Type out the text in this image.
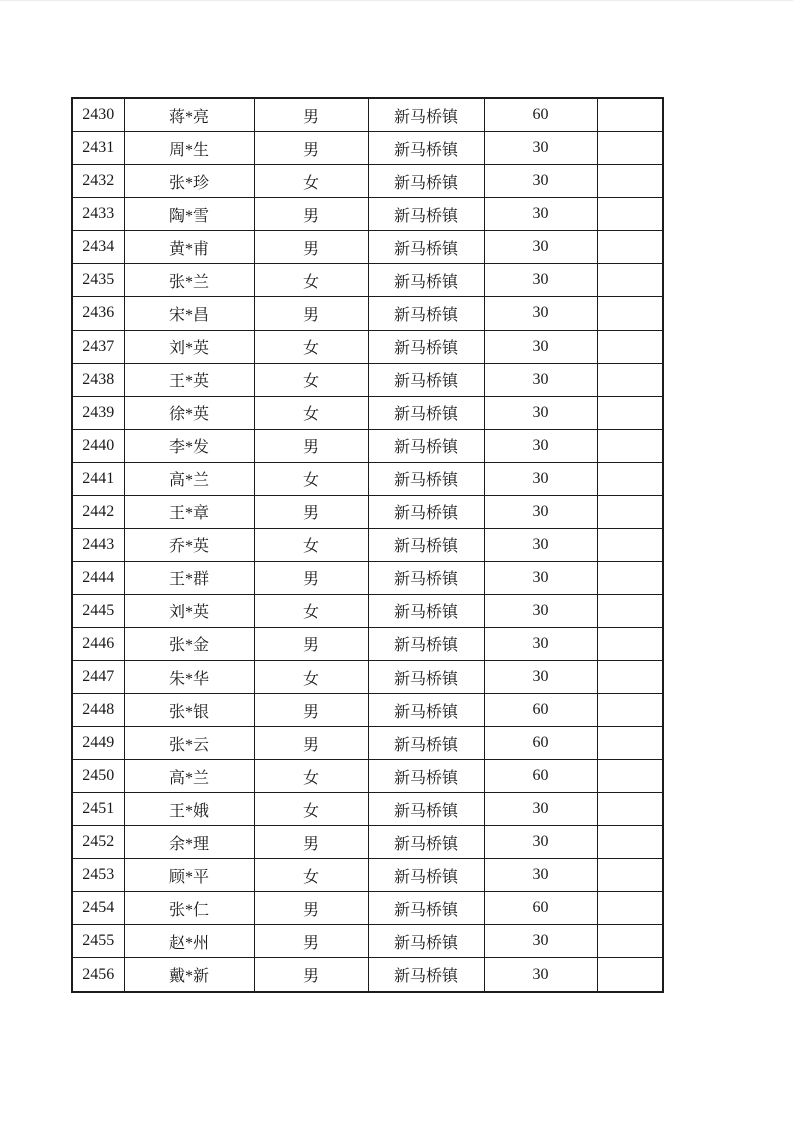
2430	蒋*亮	男	新马桥镇	60	
2431	周*生	男	新马桥镇	30	
2432	张*珍	女	新马桥镇	30	
2433	陶*雪	男	新马桥镇	30	
2434	黄*甫	男	新马桥镇	30	
2435	张*兰	女	新马桥镇	30	
2436	宋*昌	男	新马桥镇	30	
2437	刘*英	女	新马桥镇	30	
2438	王*英	女	新马桥镇	30	
2439	徐*英	女	新马桥镇	30	
2440	李*发	男	新马桥镇	30	
2441	高*兰	女	新马桥镇	30	
2442	王*章	男	新马桥镇	30	
2443	乔*英	女	新马桥镇	30	
2444	王*群	男	新马桥镇	30	
2445	刘*英	女	新马桥镇	30	
2446	张*金	男	新马桥镇	30	
2447	朱*华	女	新马桥镇	30	
2448	张*银	男	新马桥镇	60	
2449	张*云	男	新马桥镇	60	
2450	高*兰	女	新马桥镇	60	
2451	王*娥	女	新马桥镇	30	
2452	余*理	男	新马桥镇	30	
2453	顾*平	女	新马桥镇	30	
2454	张*仁	男	新马桥镇	60	
2455	赵*州	男	新马桥镇	30	
2456	戴*新	男	新马桥镇	30	
